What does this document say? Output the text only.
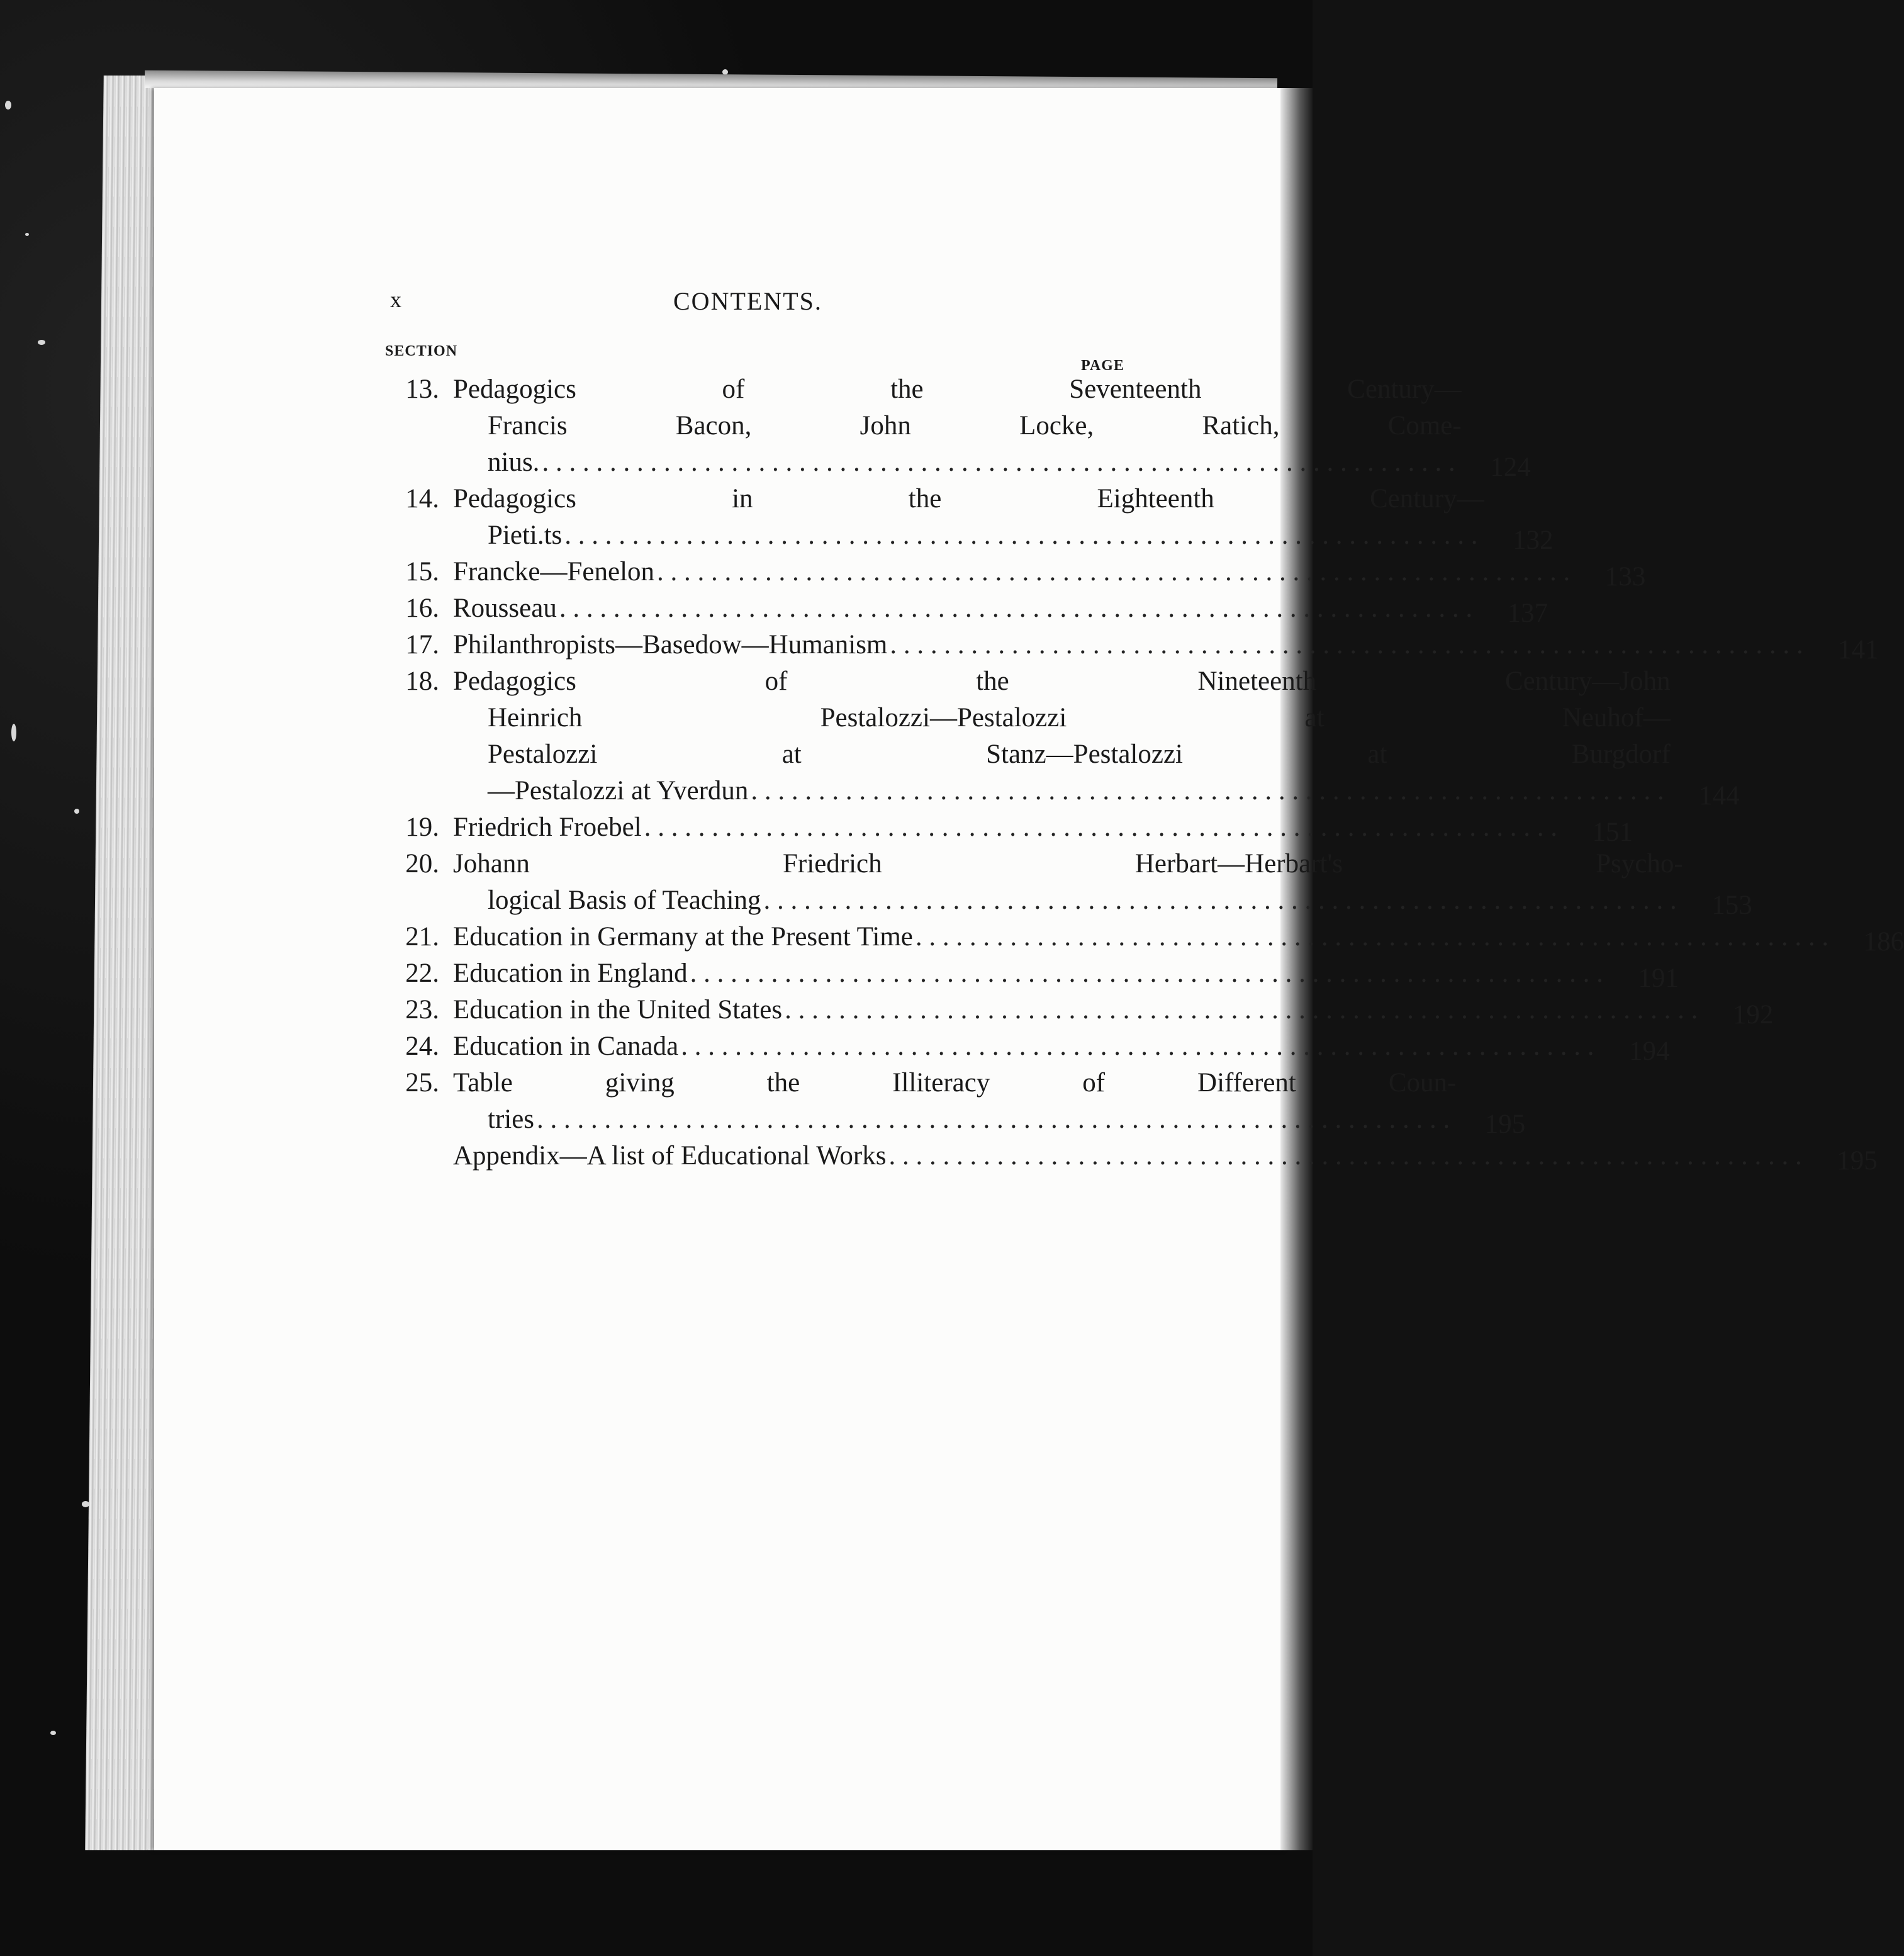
x	CONTENTS.
SECTION
PAGE
13. Pedagogics of the Seventeenth Century—
Francis Bacon, John Locke, Ratich, Come-
nius. . . .	124
14. Pedagogics in the Eighteenth Century—
Pieti.ts . . .	132
15. Francke—Fenelon . . .	133
16. Rousseau . . .	137
17. Philanthropists—Basedow—Humanism . . .	141
18. Pedagogics of the Nineteenth Century—John
Heinrich Pestalozzi—Pestalozzi at Neuhof—
Pestalozzi at Stanz—Pestalozzi at Burgdorf
—Pestalozzi at Yverdun . . .	144
19. Friedrich Froebel . . .	151
20. Johann Friedrich Herbart—Herbart's Psycho-
logical Basis of Teaching . . .	153
21. Education in Germany at the Present Time . . .	186
22. Education in England . . .	191
23. Education in the United States . . .	192
24. Education in Canada . . .	194
25. Table giving the Illiteracy of Different Coun-
tries . . .	195
Appendix—A list of Educational Works . . .	195
